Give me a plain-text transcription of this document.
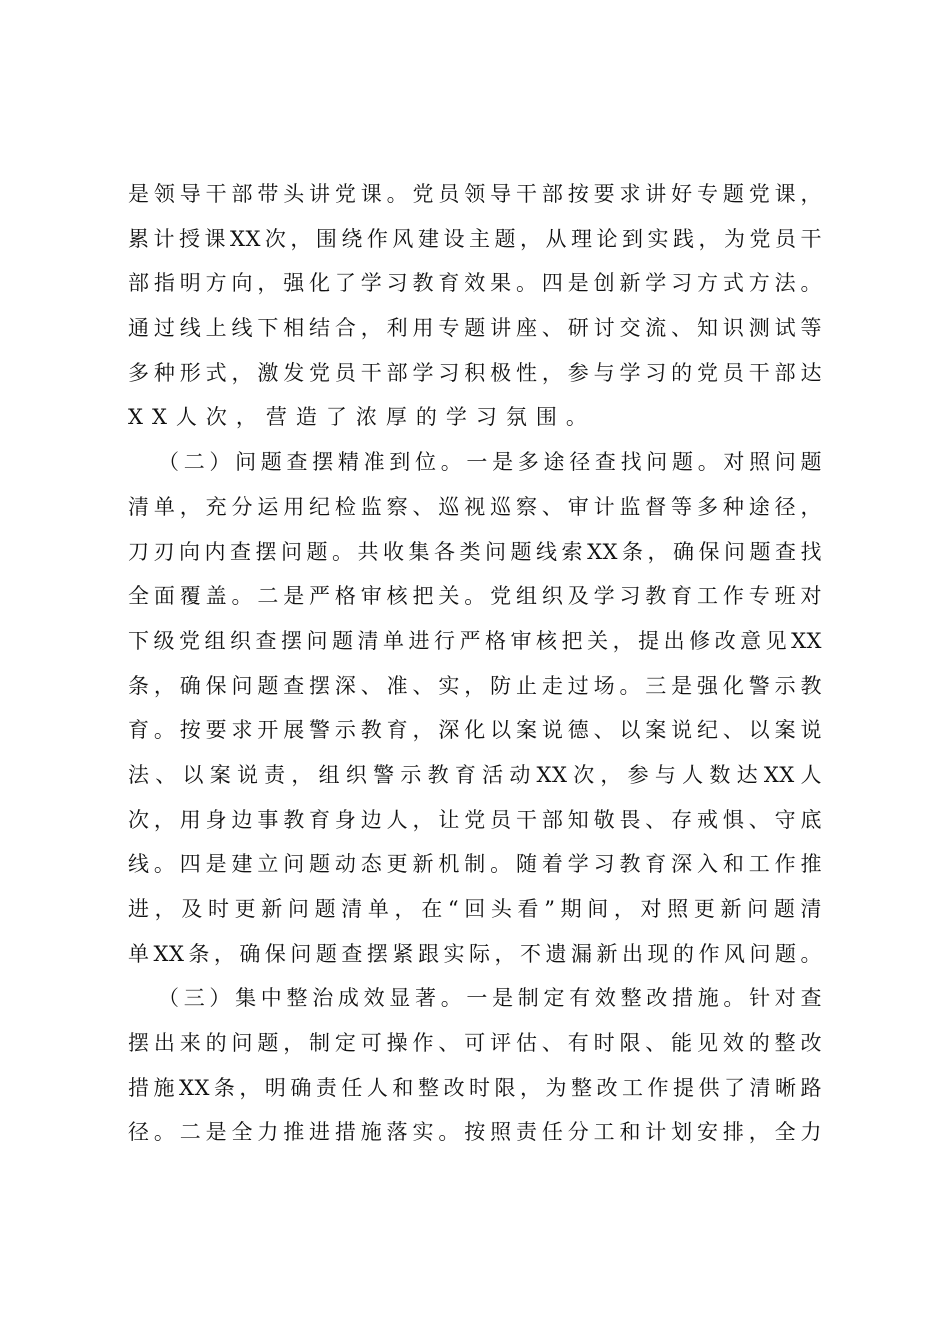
是领导干部带头讲党课。党员领导干部按要求讲好专题党课，
累计授课XX次，围绕作风建设主题，从理论到实践，为党员干
部指明方向，强化了学习教育效果。四是创新学习方式方法。
通过线上线下相结合，利用专题讲座、研讨交流、知识测试等
多种形式，激发党员干部学习积极性，参与学习的党员干部达
XX人次，营造了浓厚的学习氛围。
（二）问题查摆精准到位。一是多途径查找问题。对照问题
清单，充分运用纪检监察、巡视巡察、审计监督等多种途径，
刀刃向内查摆问题。共收集各类问题线索XX条，确保问题查找
全面覆盖。二是严格审核把关。党组织及学习教育工作专班对
下级党组织查摆问题清单进行严格审核把关，提出修改意见XX
条，确保问题查摆深、准、实，防止走过场。三是强化警示教
育。按要求开展警示教育，深化以案说德、以案说纪、以案说
法、以案说责，组织警示教育活动XX次，参与人数达XX人
次，用身边事教育身边人，让党员干部知敬畏、存戒惧、守底
线。四是建立问题动态更新机制。随着学习教育深入和工作推
进，及时更新问题清单，在“回头看”期间，对照更新问题清
单XX条，确保问题查摆紧跟实际，不遗漏新出现的作风问题。
（三）集中整治成效显著。一是制定有效整改措施。针对查
摆出来的问题，制定可操作、可评估、有时限、能见效的整改
措施XX条，明确责任人和整改时限，为整改工作提供了清晰路
径。二是全力推进措施落实。按照责任分工和计划安排，全力
